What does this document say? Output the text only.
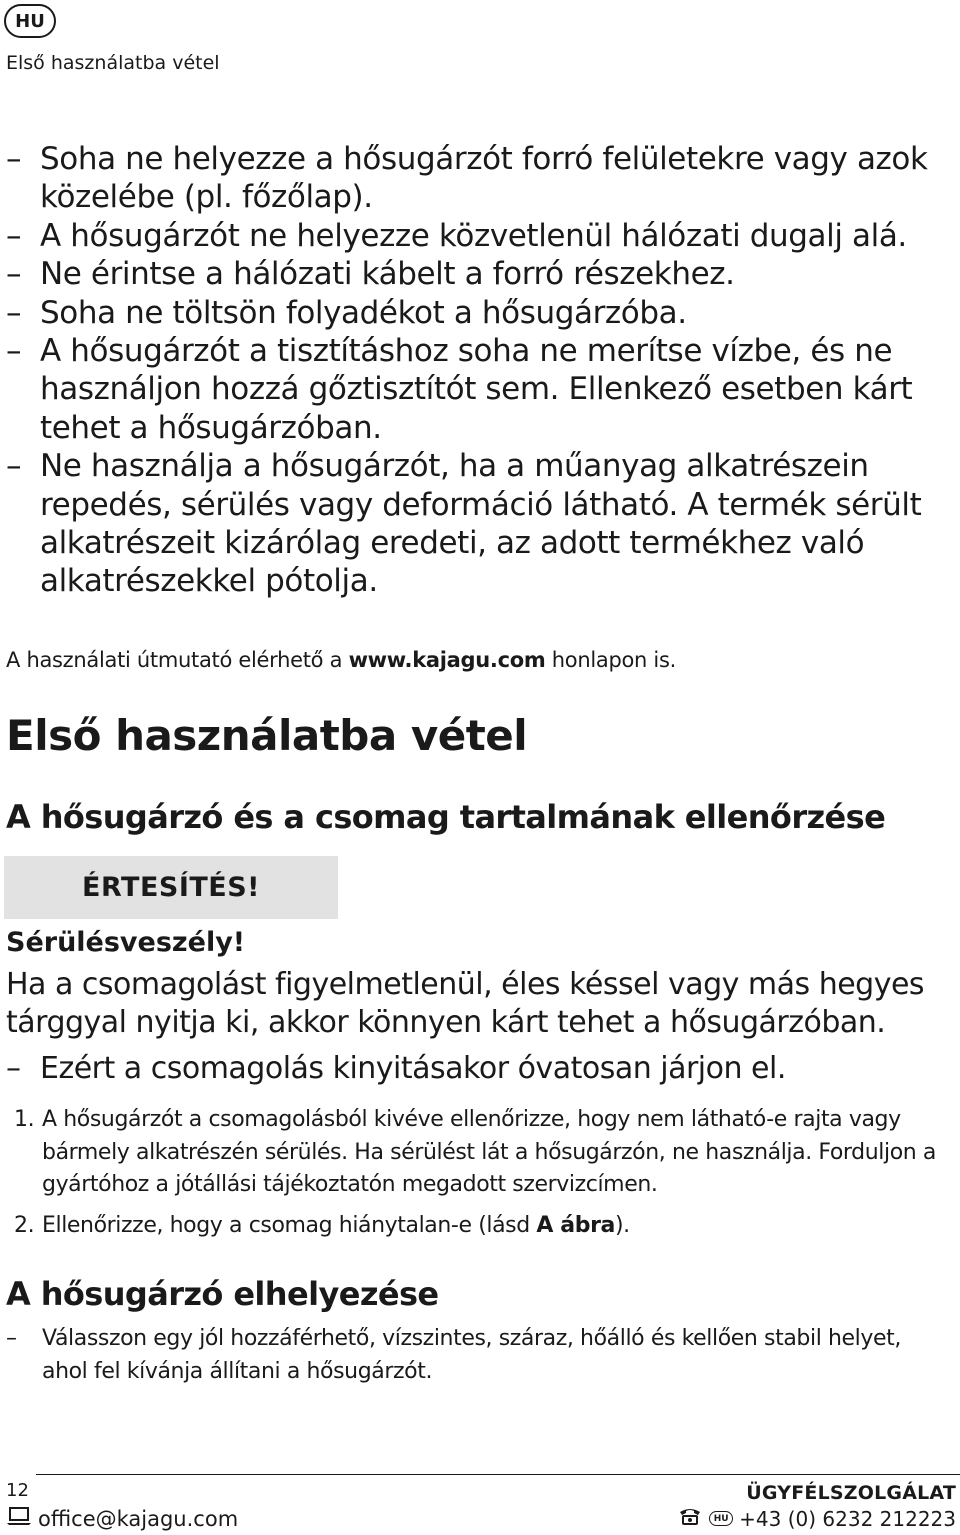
HU
Első használatba vétel
– Soha ne helyezze a hősugárzót forró felületekre vagy azok közelébe (pl. főzőlap).
– A hősugárzót ne helyezze közvetlenül hálózati dugalj alá.
– Ne érintse a hálózati kábelt a forró részekhez.
– Soha ne töltsön folyadékot a hősugárzóba.
– A hősugárzót a tisztításhoz soha ne merítse vízbe, és ne használjon hozzá gőztisztítót sem. Ellenkező esetben kárt tehet a hősugárzóban.
– Ne használja a hősugárzót, ha a műanyag alkatrészein repedés, sérülés vagy deformáció látható. A termék sérült alkatrészeit kizárólag eredeti, az adott termékhez való alkatrészekkel pótolja.
A használati útmutató elérhető a www.kajagu.com honlapon is.
Első használatba vétel
A hősugárzó és a csomag tartalmának ellenőrzése
ÉRTESÍTÉS!
Sérülésveszély!

Ha a csomagolást figyelmetlenül, éles késsel vagy más hegyes tárggyal nyitja ki, akkor könnyen kárt tehet a hősugárzóban.

– Ezért a csomagolás kinyitásakor óvatosan járjon el.
1. A hősugárzót a csomagolásból kivéve ellenőrizze, hogy nem látható-e rajta vagy bármely alkatrészén sérülés. Ha sérülést lát a hősugárzón, ne használja. Forduljon a gyártóhoz a jótállási tájékoztatón megadott szervizcímen.
2. Ellenőrizze, hogy a csomag hiánytalan-e (lásd A ábra).
A hősugárzó elhelyezése
– Válasszon egy jól hozzáférhető, vízszintes, száraz, hőálló és kellően stabil helyet, ahol fel kívánja állítani a hősugárzót.
12
office@kajagu.com
ÜGYFÉLSZOLGÁLAT
HU +43 (0) 6232 212223
